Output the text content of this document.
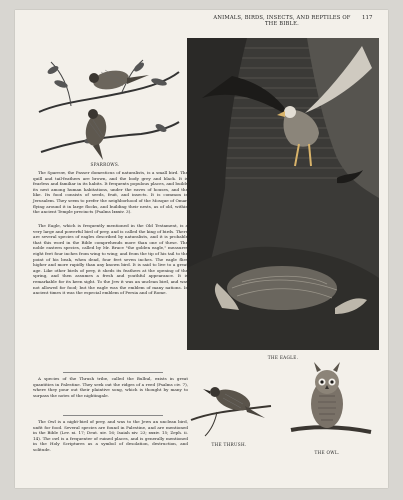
ANIMALS, BIRDS, INSECTS, AND REPTILES OF THE BIBLE.
117
SPARROWS.
THE EAGLE.
THE THRUSH.
THE OWL.

The Sparrow, the Passer domesticus of naturalists, is a small bird. The quill and tail-feathers are brown, and the body grey and black. It is fearless and familiar in its habits. It frequents populous places, and builds its nest among human habitations, under the eaves of houses, and the like. Its food consists of seeds, fruit, and insects. It is common in Jerusalem. They seem to prefer the neighborhood of the Mosque of Omar, flying around it in large flocks, and building their nests, as of old, within the ancient Temple precincts (Psalms lxxxiv. 3).

The Eagle, which is frequently mentioned in the Old Testament, is a very large and powerful bird of prey, and is called the king of birds. There are several species of eagles described by naturalists, and it is probable that this word in the Bible comprehends more than one of these. The noble eastern species, called by Mr. Bruce "the golden eagle," measures eight feet four inches from wing to wing; and from the tip of his tail to the point of his beak, when dead, four feet seven inches. The eagle flies higher and more rapidly than any known bird. It is said to live to a great age. Like other birds of prey, it sheds its feathers at the opening of the spring, and then assumes a fresh and youthful appearance. It is remarkable for its keen sight. To the Jew it was an unclean bird, and was not allowed for food; but the eagle was the emblem of many nations. In ancient times it was the especial emblem of Persia and of Rome.

A species of the Thrush tribe, called the Bulbul, exists in great quantities in Palestine. They seek out the ridges of a reed (Psalms civ. 7), where they pour out their plaintive song, which is thought by many to surpass the notes of the nightingale.

The Owl is a night-bird of prey, and was to the Jews an unclean bird, unfit for food. Several species are found in Palestine, and are mentioned in the Bible (Lev. xi. 17; Deut. xiv. 16; Isaiah xiv. 23; xxxiv. 15; Zeph. ii. 14). The owl is a frequenter of ruined places, and is generally mentioned in the Holy Scriptures as a symbol of desolation, destruction, and solitude.
